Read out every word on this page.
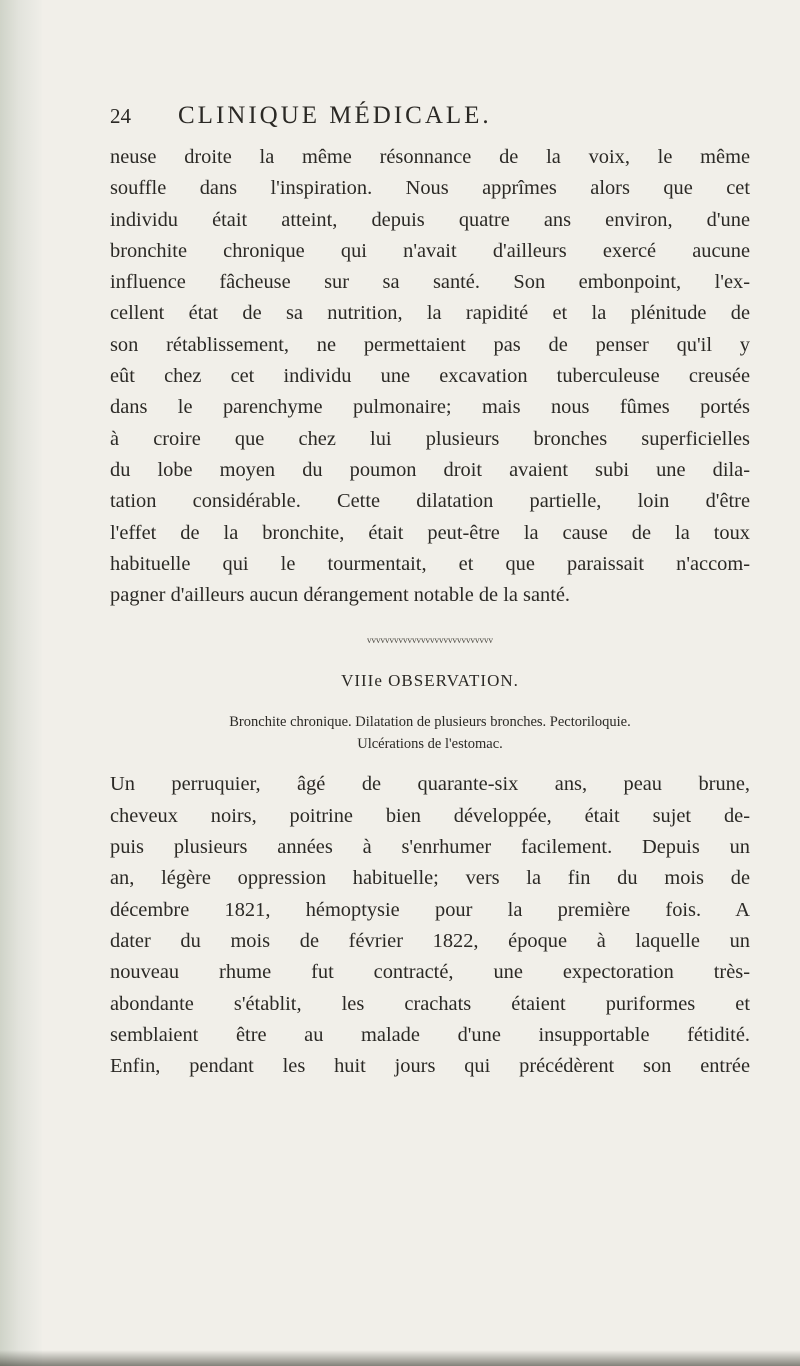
24 CLINIQUE MÉDICALE.

neuse droite la même résonnance de la voix, le même
souffle dans l'inspiration. Nous apprîmes alors que cet
individu était atteint, depuis quatre ans environ, d'une
bronchite chronique qui n'avait d'ailleurs exercé aucune
influence fâcheuse sur sa santé. Son embonpoint, l'ex-
cellent état de sa nutrition, la rapidité et la plénitude de
son rétablissement, ne permettaient pas de penser qu'il y
eût chez cet individu une excavation tuberculeuse creusée
dans le parenchyme pulmonaire; mais nous fûmes portés
à croire que chez lui plusieurs bronches superficielles
du lobe moyen du poumon droit avaient subi une dila-
tation considérable. Cette dilatation partielle, loin d'être
l'effet de la bronchite, était peut-être la cause de la toux
habituelle qui le tourmentait, et que paraissait n'accom-
pagner d'ailleurs aucun dérangement notable de la santé.

vvvvvvvvvvvvvvvvvvvvvvvvvvvv
VIIIe OBSERVATION.
Bronchite chronique. Dilatation de plusieurs bronches. Pectoriloquie.
Ulcérations de l'estomac.

Un perruquier, âgé de quarante-six ans, peau brune,
cheveux noirs, poitrine bien développée, était sujet de-
puis plusieurs années à s'enrhumer facilement. Depuis un
an, légère oppression habituelle; vers la fin du mois de
décembre 1821, hémoptysie pour la première fois. A
dater du mois de février 1822, époque à laquelle un
nouveau rhume fut contracté, une expectoration très-
abondante s'établit, les crachats étaient puriformes et
semblaient être au malade d'une insupportable fétidité.
Enfin, pendant les huit jours qui précédèrent son entrée
